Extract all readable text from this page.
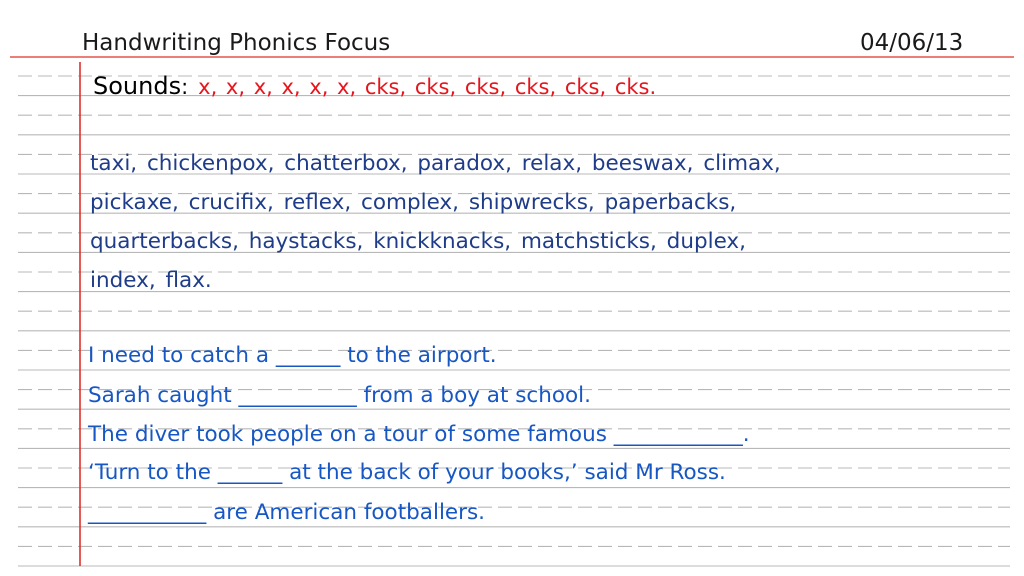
Handwriting Phonics Focus	04/06/13
Sounds: x, x, x, x, x, x, cks, cks, cks, cks, cks, cks.
taxi, chickenpox, chatterbox, paradox, relax, beeswax, climax,
pickaxe, crucifix, reflex, complex, shipwrecks, paperbacks,
quarterbacks, haystacks, knickknacks, matchsticks, duplex,
index, flax.
I need to catch a ______ to the airport.
Sarah caught ___________ from a boy at school.
The diver took people on a tour of some famous ____________.
‘Turn to the ______ at the back of your books,’ said Mr Ross.
___________ are American footballers.
